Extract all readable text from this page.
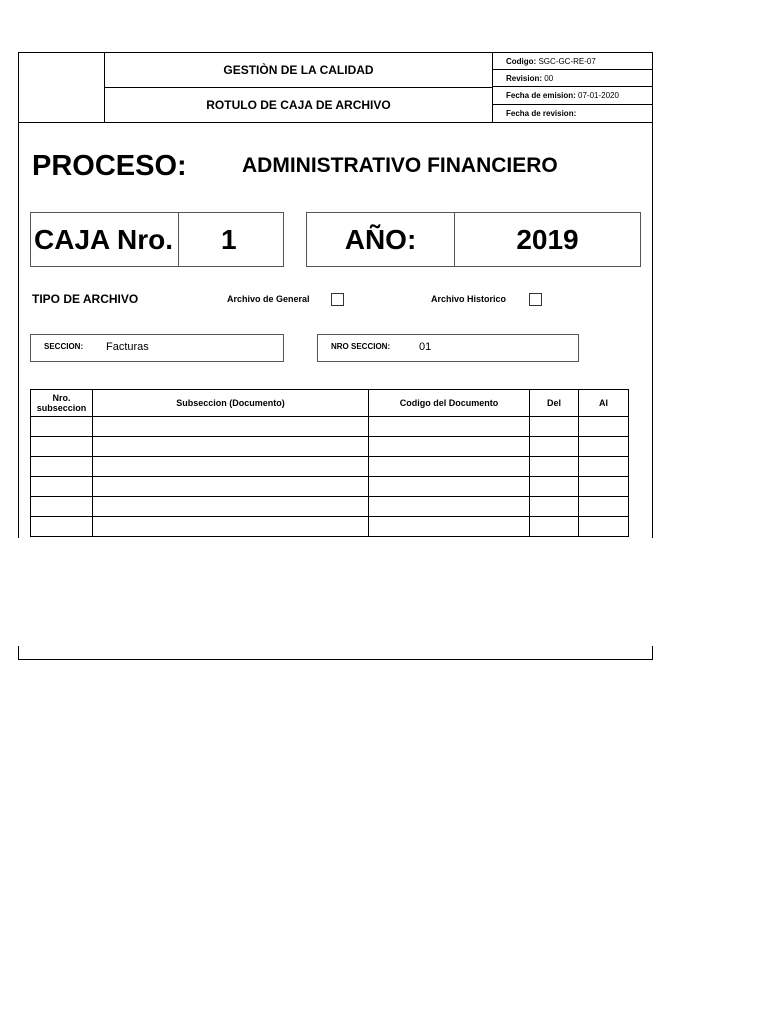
GESTIÒN DE LA CALIDAD
ROTULO DE CAJA DE ARCHIVO
Codigo:
SGC-GC-RE-07
Revision:
00
Fecha de emision:
07-01-2020
Fecha de revision:

PROCESO:	ADMINISTRATIVO FINANCIERO
CAJA Nro.	1	AÑO:	2019
TIPO DE ARCHIVO	Archivo de General	Archivo Historico
SECCION: Facturas	NRO SECCION:	01
Nro. subseccion	Subseccion (Documento)	Codigo del Documento	Del	Al
